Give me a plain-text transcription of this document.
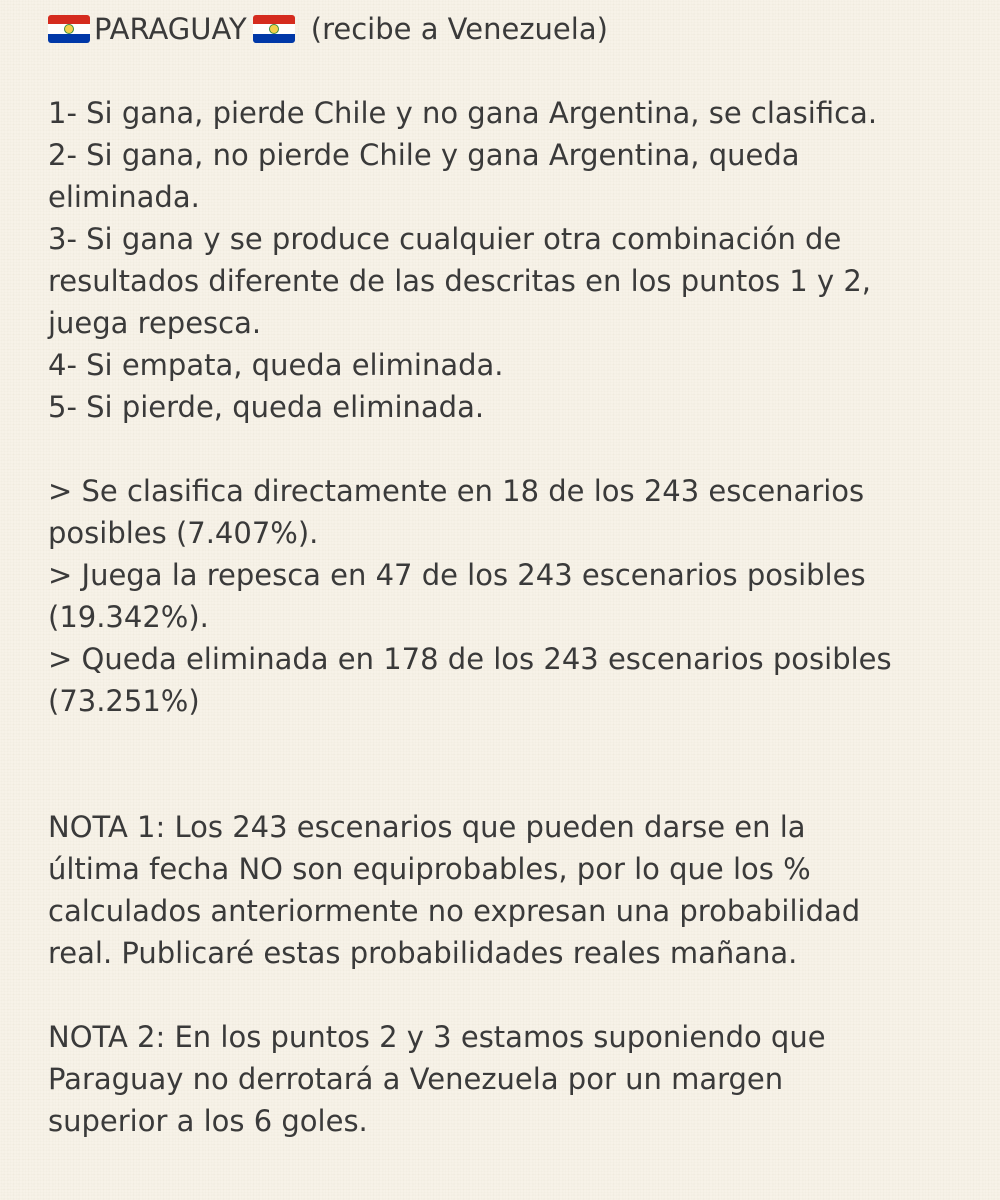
PARAGUAY (recibe a Venezuela)
1- Si gana, pierde Chile y no gana Argentina, se clasifica.
2- Si gana, no pierde Chile y gana Argentina, queda
eliminada.
3- Si gana y se produce cualquier otra combinación de
resultados diferente de las descritas en los puntos 1 y 2,
juega repesca.
4- Si empata, queda eliminada.
5- Si pierde, queda eliminada.
> Se clasifica directamente en 18 de los 243 escenarios
posibles (7.407%).
> Juega la repesca en 47 de los 243 escenarios posibles
(19.342%).
> Queda eliminada en 178 de los 243 escenarios posibles
(73.251%)
NOTA 1: Los 243 escenarios que pueden darse en la
última fecha NO son equiprobables, por lo que los %
calculados anteriormente no expresan una probabilidad
real. Publicaré estas probabilidades reales mañana.
NOTA 2: En los puntos 2 y 3 estamos suponiendo que
Paraguay no derrotará a Venezuela por un margen
superior a los 6 goles.
